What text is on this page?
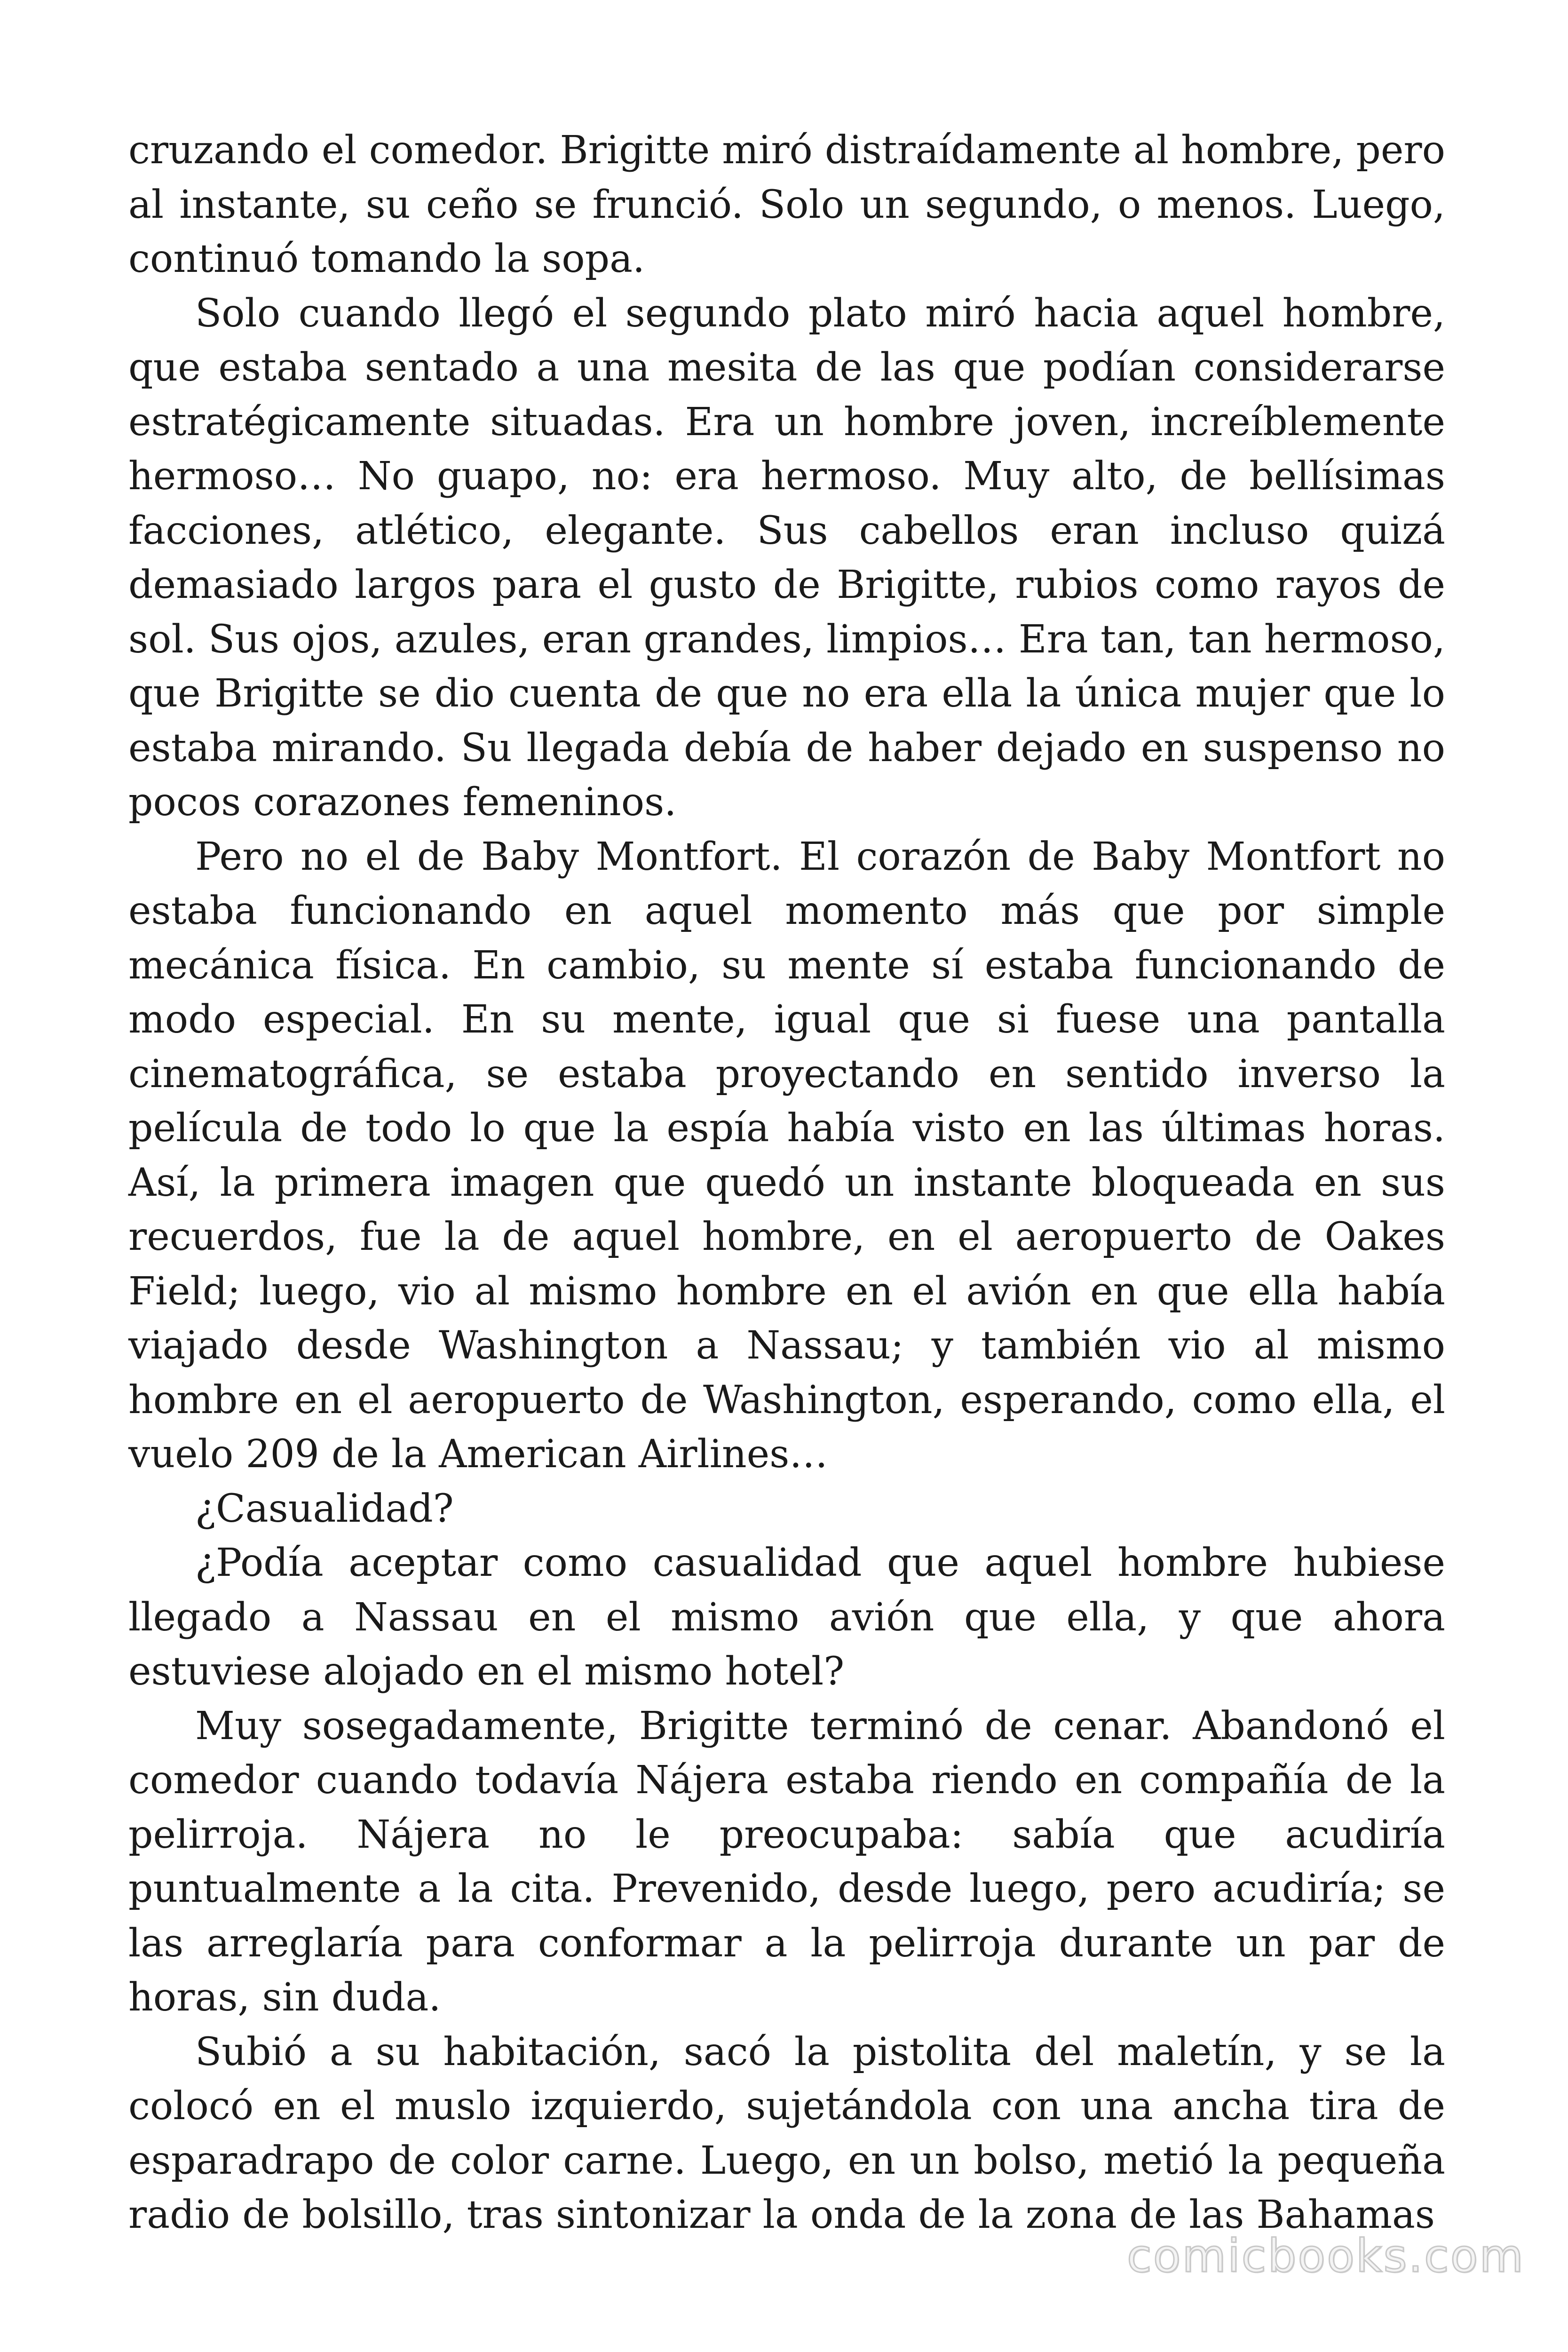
cruzando el comedor. Brigitte miró distraídamente al hombre, pero al instante, su ceño se frunció. Solo un segundo, o menos. Luego, continuó tomando la sopa.

Solo cuando llegó el segundo plato miró hacia aquel hombre, que estaba sentado a una mesita de las que podían considerarse estratégicamente situadas. Era un hombre joven, increíblemente hermoso… No guapo, no: era hermoso. Muy alto, de bellísimas facciones, atlético, elegante. Sus cabellos eran incluso quizá demasiado largos para el gusto de Brigitte, rubios como rayos de sol. Sus ojos, azules, eran grandes, limpios… Era tan, tan hermoso, que Brigitte se dio cuenta de que no era ella la única mujer que lo estaba mirando. Su llegada debía de haber dejado en suspenso no pocos corazones femeninos.

Pero no el de Baby Montfort. El corazón de Baby Montfort no estaba funcionando en aquel momento más que por simple mecánica física. En cambio, su mente sí estaba funcionando de modo especial. En su mente, igual que si fuese una pantalla cinematográfica, se estaba proyectando en sentido inverso la película de todo lo que la espía había visto en las últimas horas. Así, la primera imagen que quedó un instante bloqueada en sus recuerdos, fue la de aquel hombre, en el aeropuerto de Oakes Field; luego, vio al mismo hombre en el avión en que ella había viajado desde Washington a Nassau; y también vio al mismo hombre en el aeropuerto de Washington, esperando, como ella, el vuelo 209 de la American Airlines…

¿Casualidad?

¿Podía aceptar como casualidad que aquel hombre hubiese llegado a Nassau en el mismo avión que ella, y que ahora estuviese alojado en el mismo hotel?

Muy sosegadamente, Brigitte terminó de cenar. Abandonó el comedor cuando todavía Nájera estaba riendo en compañía de la pelirroja. Nájera no le preocupaba: sabía que acudiría puntualmente a la cita. Prevenido, desde luego, pero acudiría; se las arreglaría para conformar a la pelirroja durante un par de horas, sin duda.

Subió a su habitación, sacó la pistolita del maletín, y se la colocó en el muslo izquierdo, sujetándola con una ancha tira de esparadrapo de color carne. Luego, en un bolso, metió la pequeña radio de bolsillo, tras sintonizar la onda de la zona de las Bahamas

comicbooks.com
